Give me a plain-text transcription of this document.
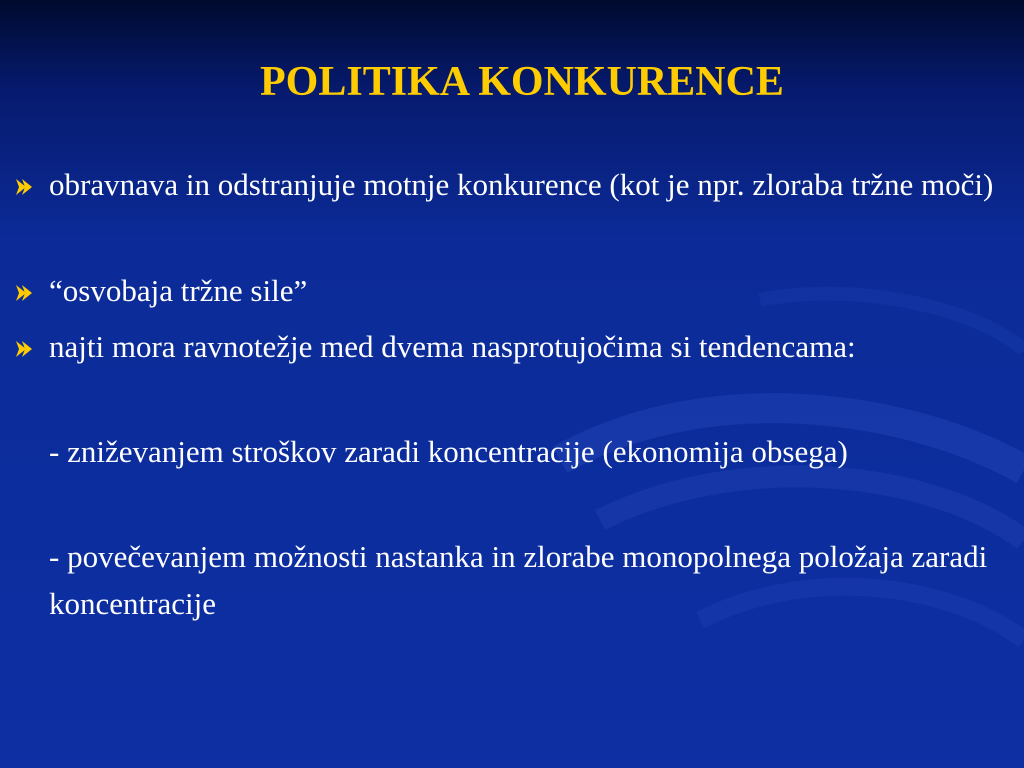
POLITIKA KONKURENCE
obravnava in odstranjuje motnje konkurence (kot je npr. zloraba tržne moči)
“osvobaja tržne sile”
najti mora ravnotežje med dvema nasprotujočima si tendencama:
- zniževanjem stroškov zaradi koncentracije (ekonomija obsega)
- povečevanjem možnosti nastanka in zlorabe monopolnega položaja zaradi koncentracije
